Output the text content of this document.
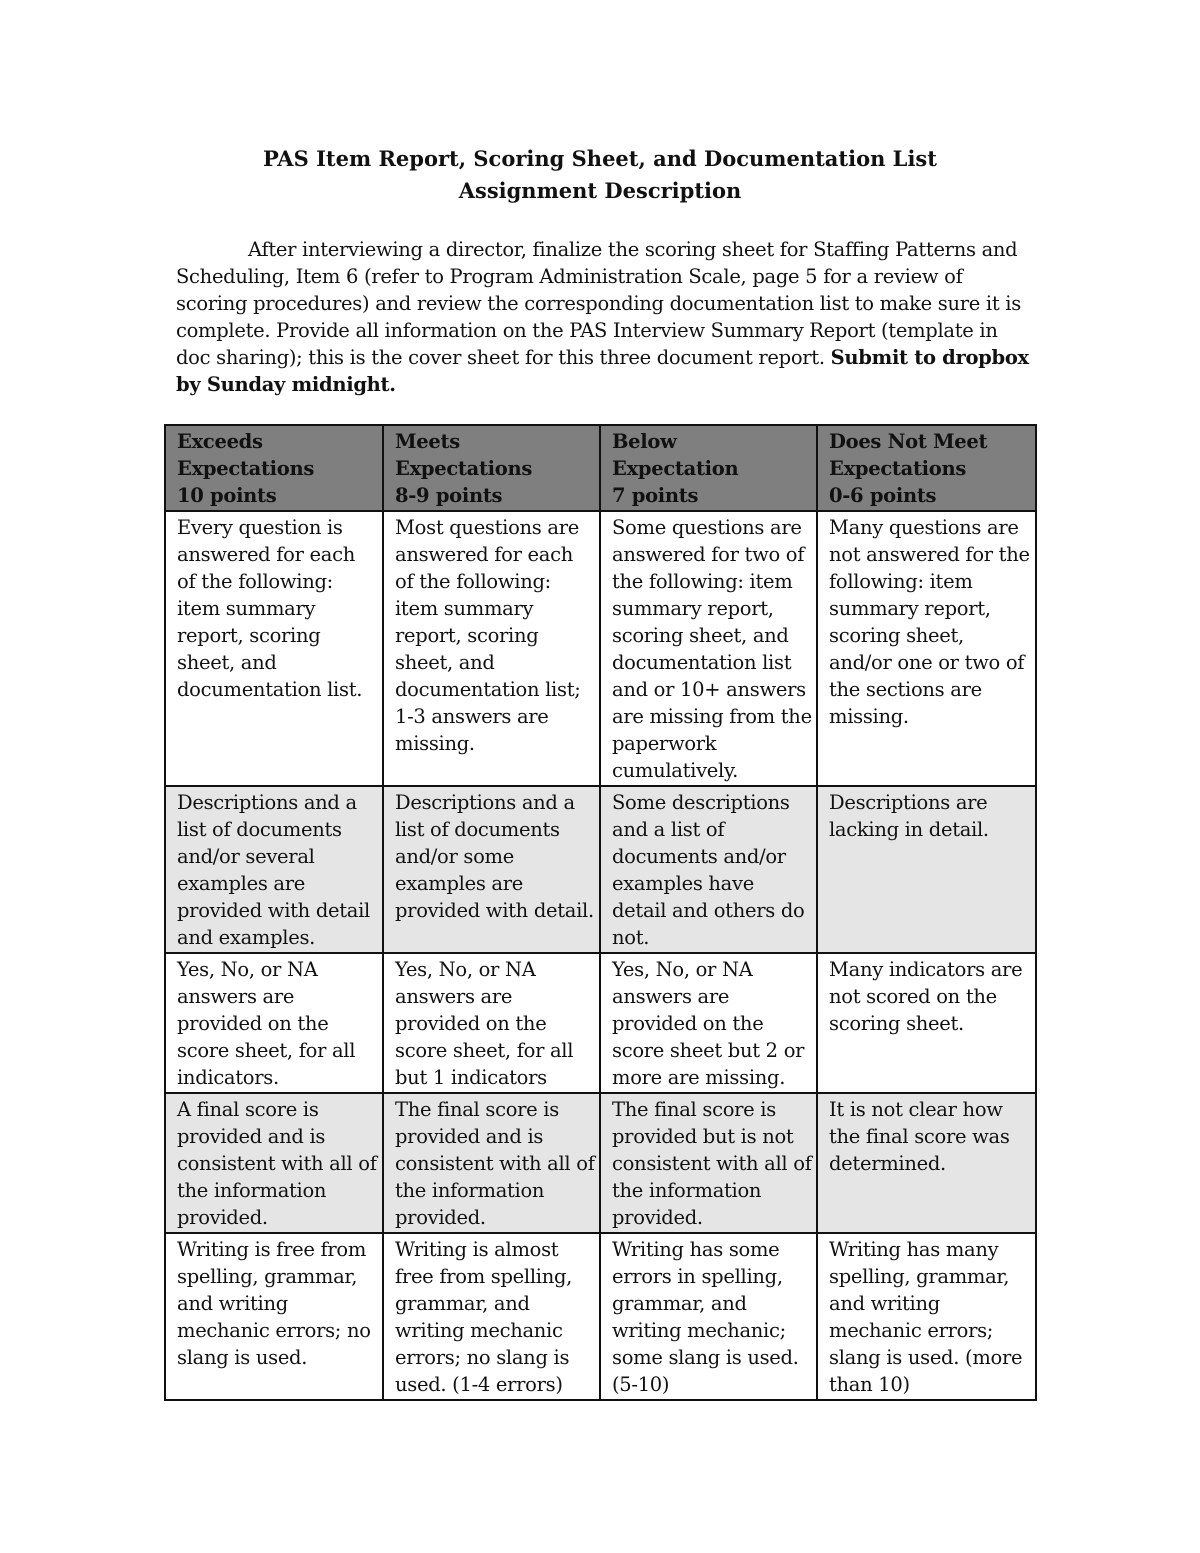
PAS Item Report, Scoring Sheet, and Documentation List
Assignment Description
After interviewing a director, finalize the scoring sheet for Staffing Patterns and Scheduling, Item 6 (refer to Program Administration Scale, page 5 for a review of scoring procedures) and review the corresponding documentation list to make sure it is complete. Provide all information on the PAS Interview Summary Report (template in doc sharing); this is the cover sheet for this three document report. Submit to dropbox by Sunday midnight.
Exceeds
Expectations
10 points	Meets
Expectations
8-9 points	Below
Expectation
7 points	Does Not Meet
Expectations
0-6 points

Every question is answered for each of the following: item summary report, scoring sheet, and documentation list.	Most questions are answered for each of the following: item summary report, scoring sheet, and documentation list; 1-3 answers are missing.	Some questions are answered for two of the following: item summary report, scoring sheet, and documentation list and or 10+ answers are missing from the paperwork cumulatively.	Many questions are not answered for the following: item summary report, scoring sheet, and/or one or two of the sections are missing.
Descriptions and a list of documents and/or several examples are provided with detail and examples.	Descriptions and a list of documents and/or some examples are provided with detail.	Some descriptions and a list of documents and/or examples have detail and others do not.	Descriptions are lacking in detail.
Yes, No, or NA answers are provided on the score sheet, for all indicators.	Yes, No, or NA answers are provided on the score sheet, for all but 1 indicators	Yes, No, or NA answers are provided on the score sheet but 2 or more are missing.	Many indicators are not scored on the scoring sheet.
A final score is provided and is consistent with all of the information provided.	The final score is provided and is consistent with all of the information provided.	The final score is provided but is not consistent with all of the information provided.	It is not clear how the final score was determined.
Writing is free from spelling, grammar, and writing mechanic errors; no slang is used.	Writing is almost free from spelling, grammar, and writing mechanic errors; no slang is used. (1-4 errors)	Writing has some errors in spelling, grammar, and writing mechanic; some slang is used. (5-10)	Writing has many spelling, grammar, and writing mechanic errors; slang is used. (more than 10)
